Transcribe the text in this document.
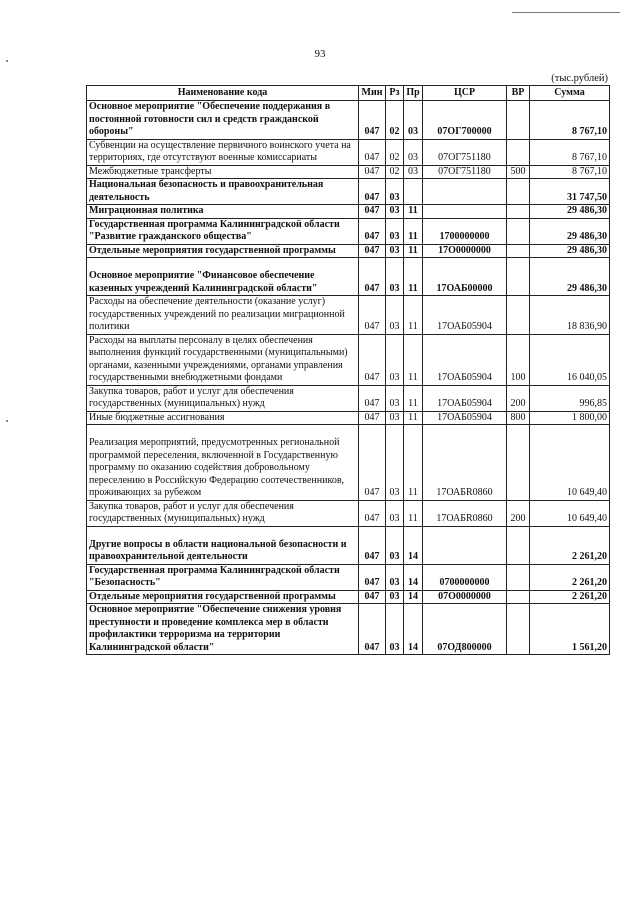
93
(тыс.рублей)
Наименование кода	Мин	Рз	Пр	ЦСР	ВР	Сумма
Основное мероприятие "Обеспечение поддержания в постоянной готовности сил и средств гражданской обороны"	047	02	03	07ОГ700000		8 767,10
Субвенции на осуществление первичного воинского учета на территориях, где отсутствуют военные комиссариаты	047	02	03	07ОГ751180		8 767,10
Межбюджетные трансферты	047	02	03	07ОГ751180	500	8 767,10
Национальная безопасность и правоохранительная деятельность	047	03				31 747,50
Миграционная политика	047	03	11			29 486,30
Государственная программа Калининградской области "Развитие гражданского общества"	047	03	11	1700000000		29 486,30
Отдельные мероприятия государственной программы	047	03	11	17О0000000		29 486,30
Основное мероприятие "Финансовое обеспечение казенных учреждений Калининградской области"	047	03	11	17ОАБ00000		29 486,30
Расходы на обеспечение деятельности (оказание услуг) государственных учреждений по реализации миграционной политики	047	03	11	17ОАБ05904		18 836,90
Расходы на выплаты персоналу в целях обеспечения выполнения функций государственными (муниципальными) органами, казенными учреждениями, органами управления государственными внебюджетными фондами	047	03	11	17ОАБ05904	100	16 040,05
Закупка товаров, работ и услуг для обеспечения государственных (муниципальных) нужд	047	03	11	17ОАБ05904	200	996,85
Иные бюджетные ассигнования	047	03	11	17ОАБ05904	800	1 800,00
Реализация мероприятий, предусмотренных региональной программой переселения, включенной в Государственную программу по оказанию содействия добровольному переселению в Российскую Федерацию соотечественников, проживающих за рубежом	047	03	11	17ОАБR0860		10 649,40
Закупка товаров, работ и услуг для обеспечения государственных (муниципальных) нужд	047	03	11	17ОАБR0860	200	10 649,40
Другие вопросы в области национальной безопасности и правоохранительной деятельности	047	03	14			2 261,20
Государственная программа Калининградской области "Безопасность"	047	03	14	0700000000		2 261,20
Отдельные мероприятия государственной программы	047	03	14	07О0000000		2 261,20
Основное мероприятие "Обеспечение снижения уровня преступности и проведение комплекса мер в области профилактики терроризма на территории Калининградской области"	047	03	14	07ОД800000		1 561,20
